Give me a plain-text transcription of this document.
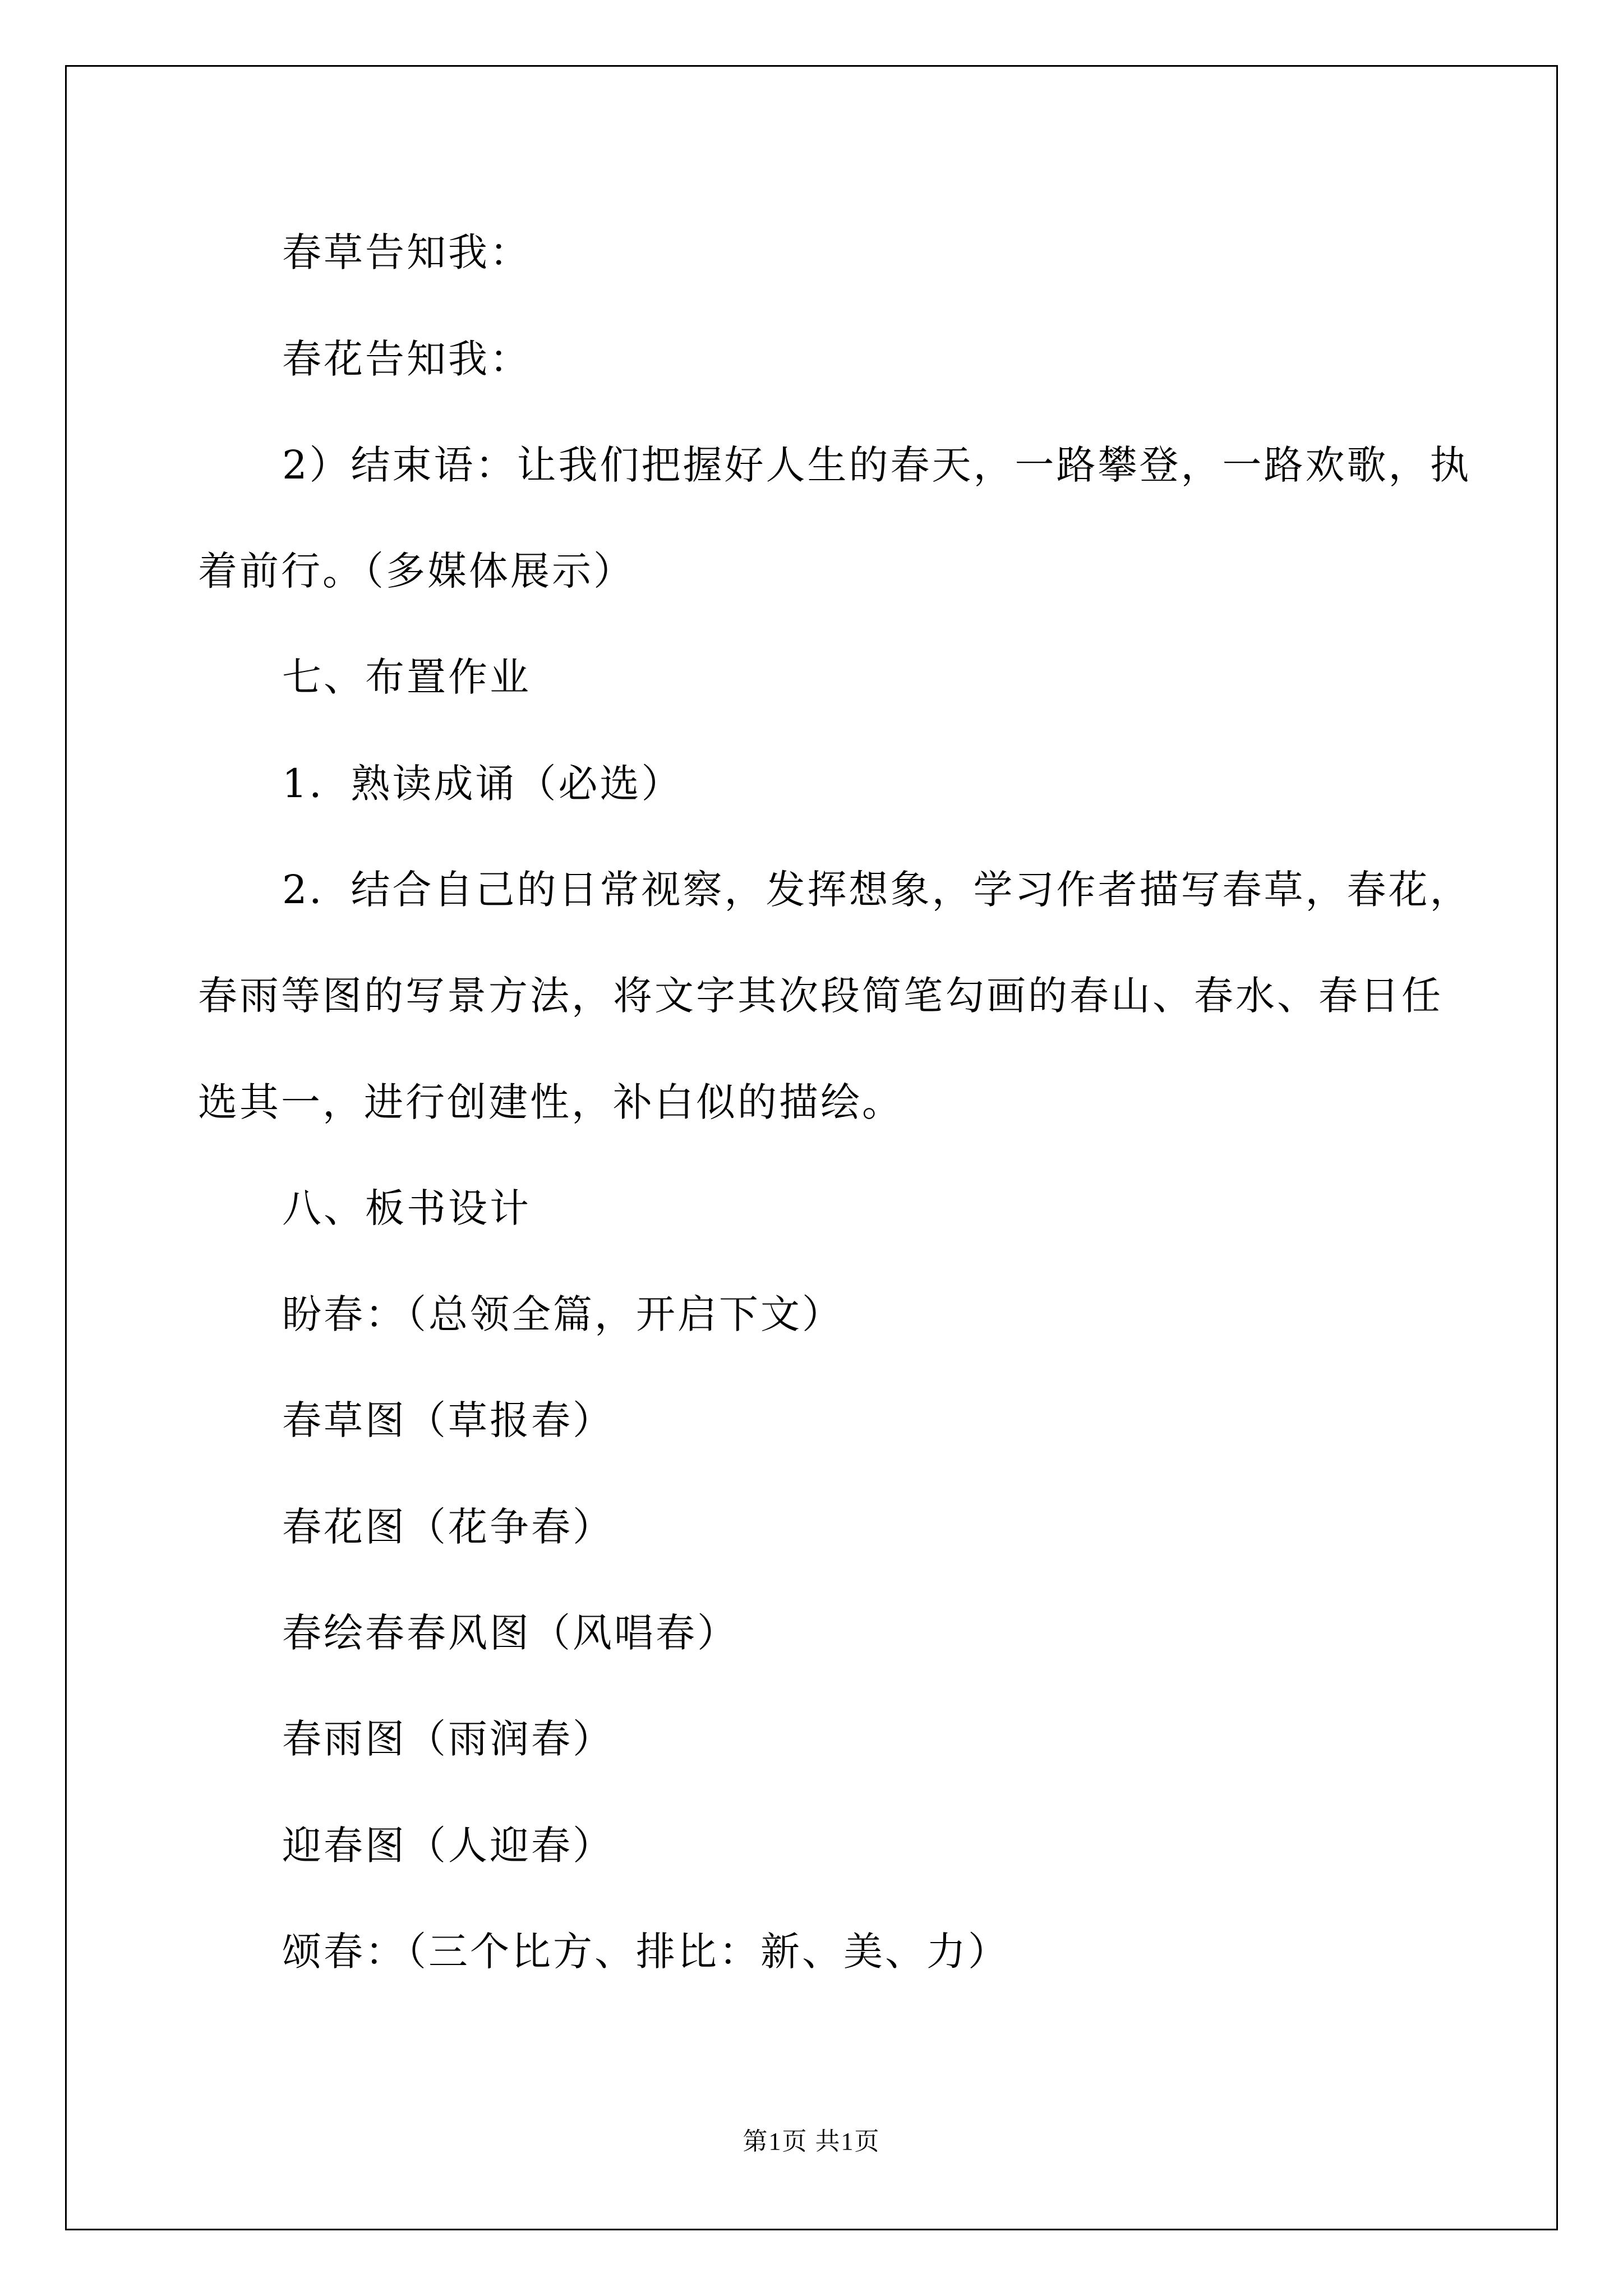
春草告知我：
春花告知我：
2）结束语：让我们把握好人生的春天，一路攀登，一路欢歌，执
着前行。（多媒体展示）
七、布置作业
1．熟读成诵（必选）
2．结合自己的日常视察，发挥想象，学习作者描写春草，春花，
春雨等图的写景方法，将文字其次段简笔勾画的春山、春水、春日任
选其一，进行创建性，补白似的描绘。
八、板书设计
盼春：（总领全篇，开启下文）
春草图（草报春）
春花图（花争春）
春绘春春风图（风唱春）
春雨图（雨润春）
迎春图（人迎春）
颂春：（三个比方、排比：新、美、力）
第1页 共1页
